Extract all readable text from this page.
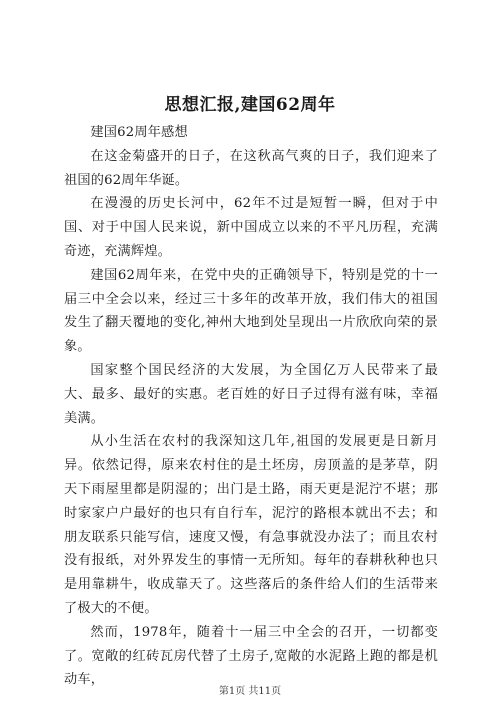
思想汇报,建国62周年

建国62周年感想

在这金菊盛开的日子，在这秋高气爽的日子，我们迎来了祖国的62周年华诞。

在漫漫的历史长河中，62年不过是短暂一瞬，但对于中国、对于中国人民来说，新中国成立以来的不平凡历程，充满奇迹，充满辉煌。

建国62周年来，在党中央的正确领导下，特别是党的十一届三中全会以来，经过三十多年的改革开放，我们伟大的祖国发生了翻天覆地的变化,神州大地到处呈现出一片欣欣向荣的景象。

国家整个国民经济的大发展，为全国亿万人民带来了最大、最多、最好的实惠。老百姓的好日子过得有滋有味，幸福美满。

从小生活在农村的我深知这几年,祖国的发展更是日新月异。依然记得，原来农村住的是土坯房，房顶盖的是茅草，阴天下雨屋里都是阴湿的；出门是土路，雨天更是泥泞不堪；那时家家户户最好的也只有自行车，泥泞的路根本就出不去；和朋友联系只能写信，速度又慢，有急事就没办法了；而且农村没有报纸，对外界发生的事情一无所知。每年的春耕秋种也只是用靠耕牛，收成靠天了。这些落后的条件给人们的生活带来了极大的不便。

然而，1978年，随着十一届三中全会的召开，一切都变了。宽敞的红砖瓦房代替了土房子,宽敞的水泥路上跑的都是机动车，

第1页 共11页
